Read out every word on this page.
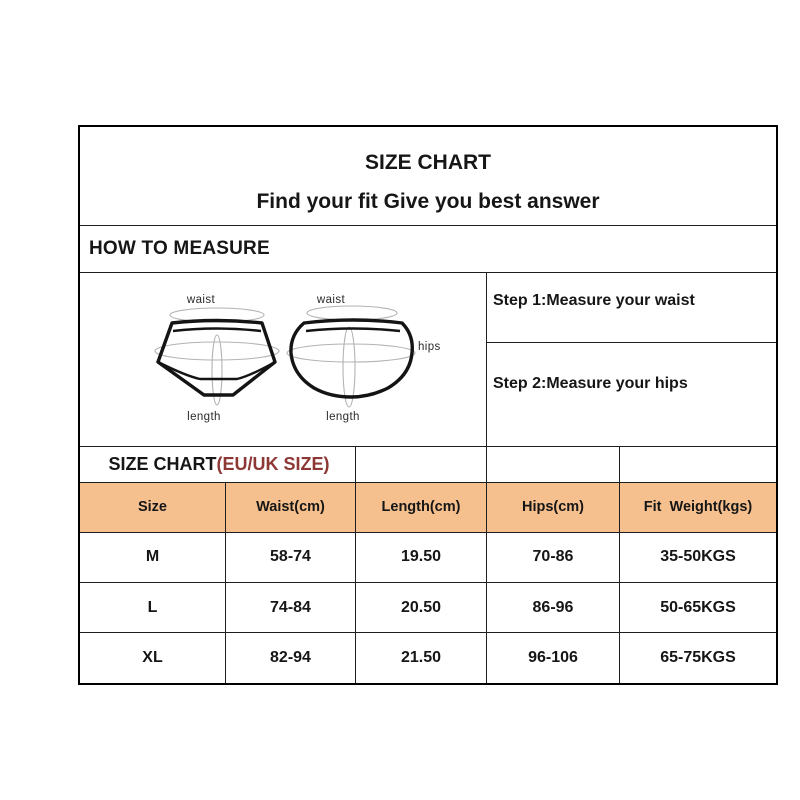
SIZE CHART
Find your fit Give you best answer
HOW TO MEASURE
waist
length
waist
hips
length
Step 1:Measure your waist
Step 2:Measure your hips
SIZE CHART (EU/UK SIZE)
Size	Waist(cm)	Length(cm)	Hips(cm)	Fit  Weight(kgs)
M	58-74	19.50	70-86	35-50KGS
L	74-84	20.50	86-96	50-65KGS
XL	82-94	21.50	96-106	65-75KGS
